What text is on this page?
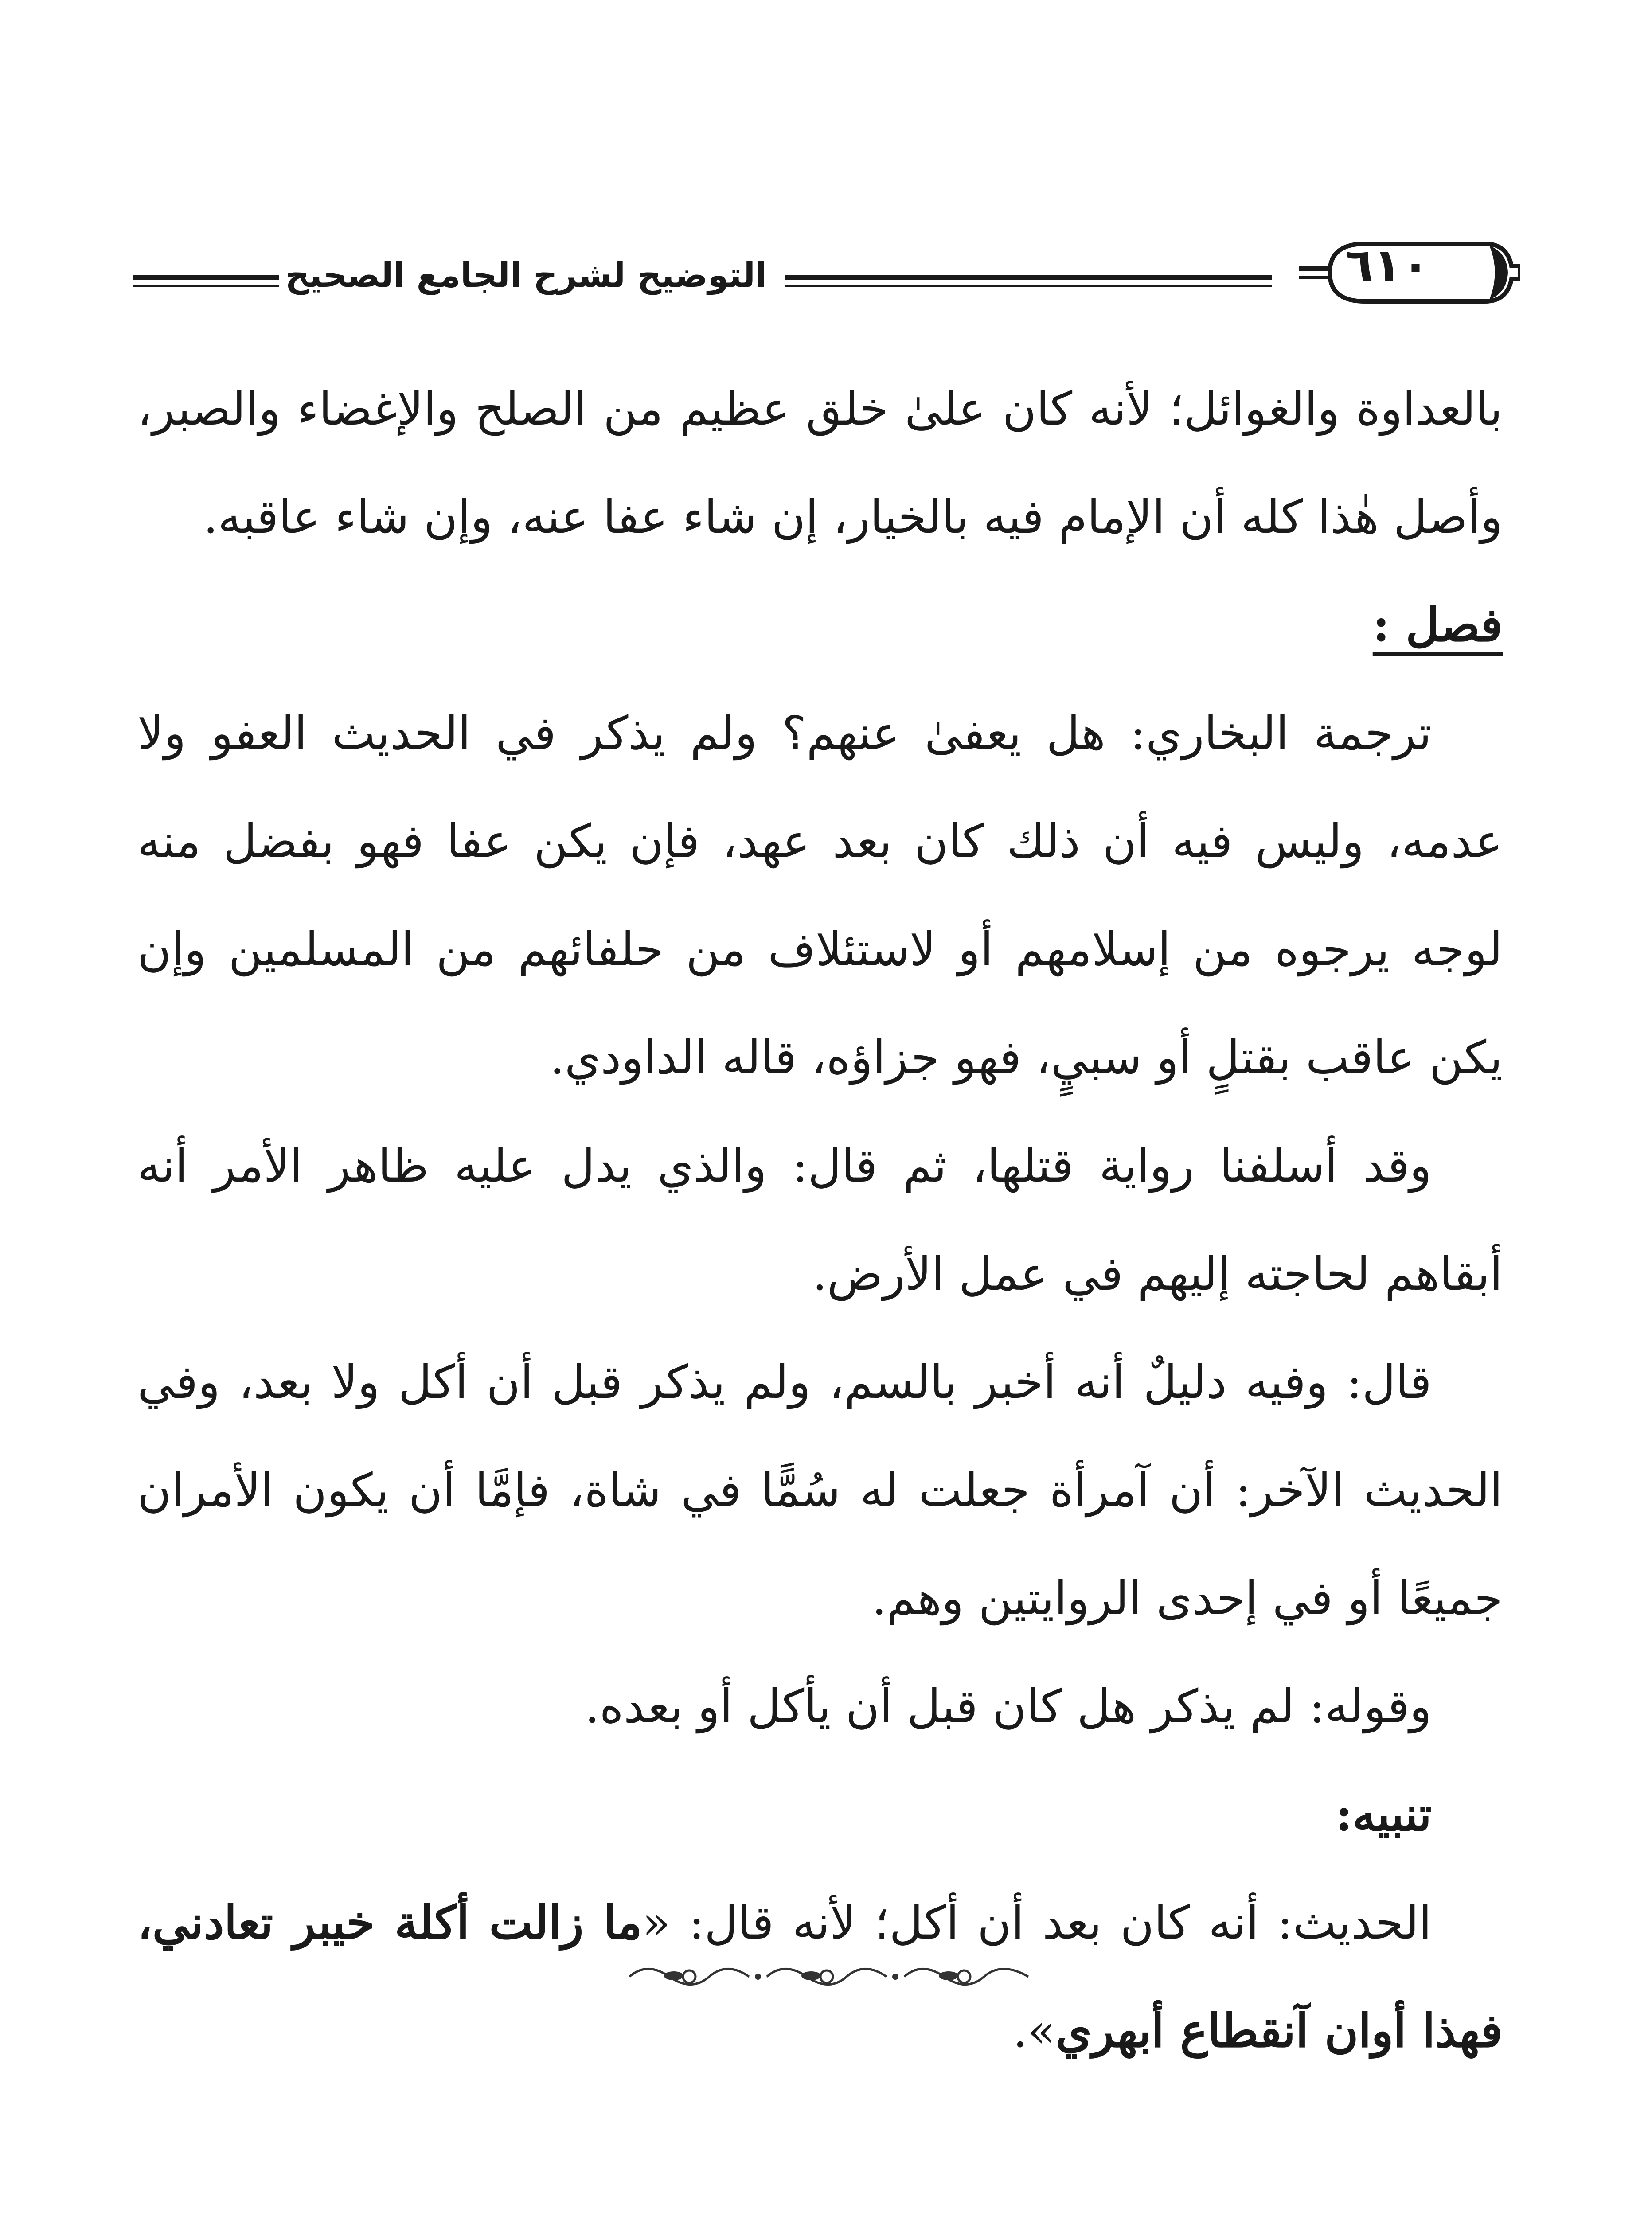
٦١٠
التوضيح لشرح الجامع الصحيح

بالعداوة والغوائل؛ لأنه كان علىٰ خلق عظيم من الصلح والإغضاء والصبر، وأصل هٰذا كله أن الإمام فيه بالخيار، إن شاء عفا عنه، وإن شاء عاقبه.

فصل :

ترجمة البخاري: هل يعفىٰ عنهم؟ ولم يذكر في الحديث العفو ولا عدمه، وليس فيه أن ذلك كان بعد عهد، فإن يكن عفا فهو بفضل منه لوجه يرجوه من إسلامهم أو لاستئلاف من حلفائهم من المسلمين وإن يكن عاقب بقتلٍ أو سبيٍ، فهو جزاؤه، قاله الداودي.

وقد أسلفنا رواية قتلها، ثم قال: والذي يدل عليه ظاهر الأمر أنه أبقاهم لحاجته إليهم في عمل الأرض.

قال: وفيه دليلٌ أنه أخبر بالسم، ولم يذكر قبل أن أكل ولا بعد، وفي الحديث الآخر: أن آمرأة جعلت له سُمًّا في شاة، فإمَّا أن يكون الأمران جميعًا أو في إحدى الروايتين وهم.

وقوله: لم يذكر هل كان قبل أن يأكل أو بعده.

تنبيه:

الحديث: أنه كان بعد أن أكل؛ لأنه قال: «ما زالت أكلة خيبر تعادني، فهذا أوان آنقطاع أبهري».
